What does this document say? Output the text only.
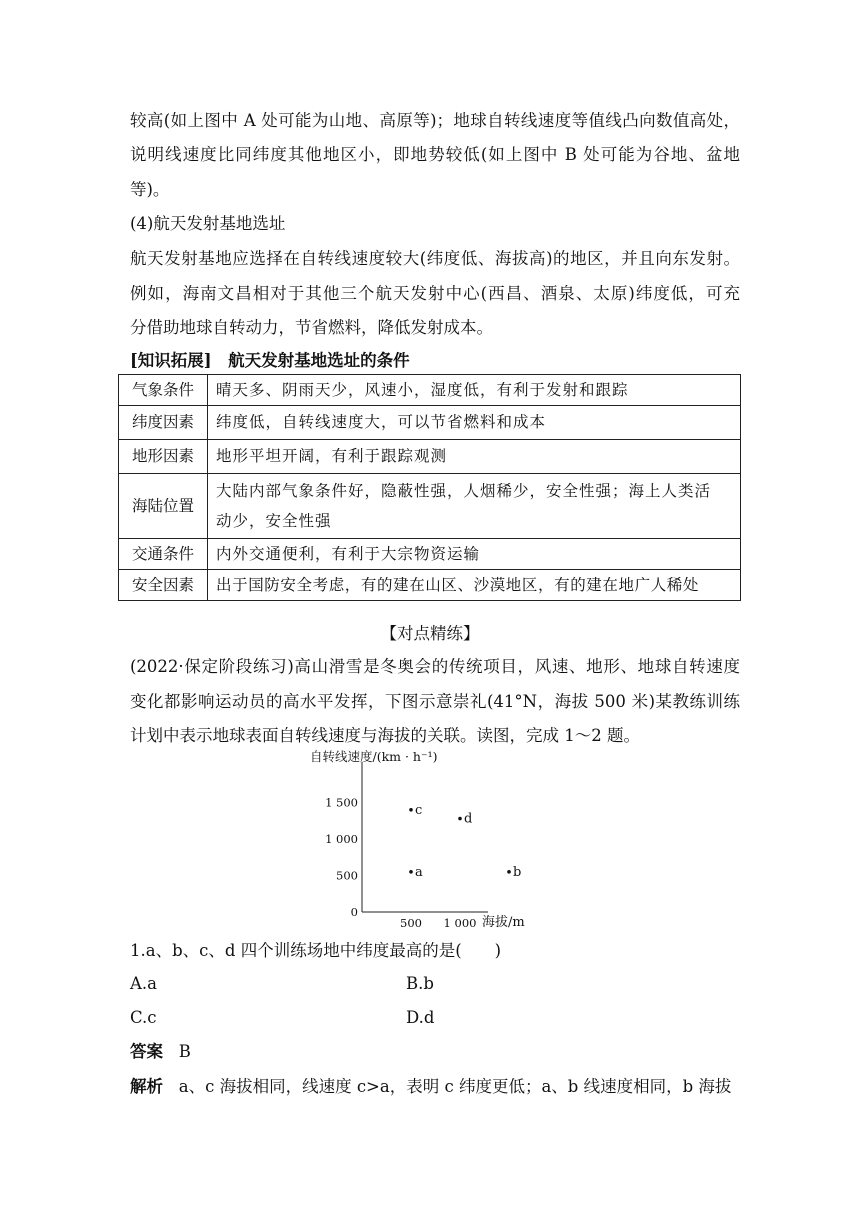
较高(如上图中 A 处可能为山地、高原等)；地球自转线速度等值线凸向数值高处，
说明线速度比同纬度其他地区小，即地势较低(如上图中 B 处可能为谷地、盆地
等)。
(4)航天发射基地选址
航天发射基地应选择在自转线速度较大(纬度低、海拔高)的地区，并且向东发射。
例如，海南文昌相对于其他三个航天发射中心(西昌、酒泉、太原)纬度低，可充
分借助地球自转动力，节省燃料，降低发射成本。
[知识拓展]　航天发射基地选址的条件
气象条件	晴天多、阴雨天少，风速小，湿度低，有利于发射和跟踪
纬度因素	纬度低，自转线速度大，可以节省燃料和成本
地形因素	地形平坦开阔，有利于跟踪观测
海陆位置	大陆内部气象条件好，隐蔽性强，人烟稀少，安全性强；海上人类活
动少，安全性强

交通条件	内外交通便利，有利于大宗物资运输
安全因素	出于国防安全考虑，有的建在山区、沙漠地区，有的建在地广人稀处
【对点精练】
(2022·保定阶段练习)高山滑雪是冬奥会的传统项目，风速、地形、地球自转速度
变化都影响运动员的高水平发挥，下图示意崇礼(41°N，海拔 500 米)某教练训练
计划中表示地球表面自转线速度与海拔的关联。读图，完成 1～2 题。
自转线速度/(km · h⁻¹)
海拔/m
0
500
1 000
1 500
500 1 000
a	b
c
d
1.a、b、c、d 四个训练场地中纬度最高的是(　　)
A.a	B.b
C.c	D.d
答案 B
解析 a、c 海拔相同，线速度 c>a，表明 c 纬度更低；a、b 线速度相同，b 海拔
